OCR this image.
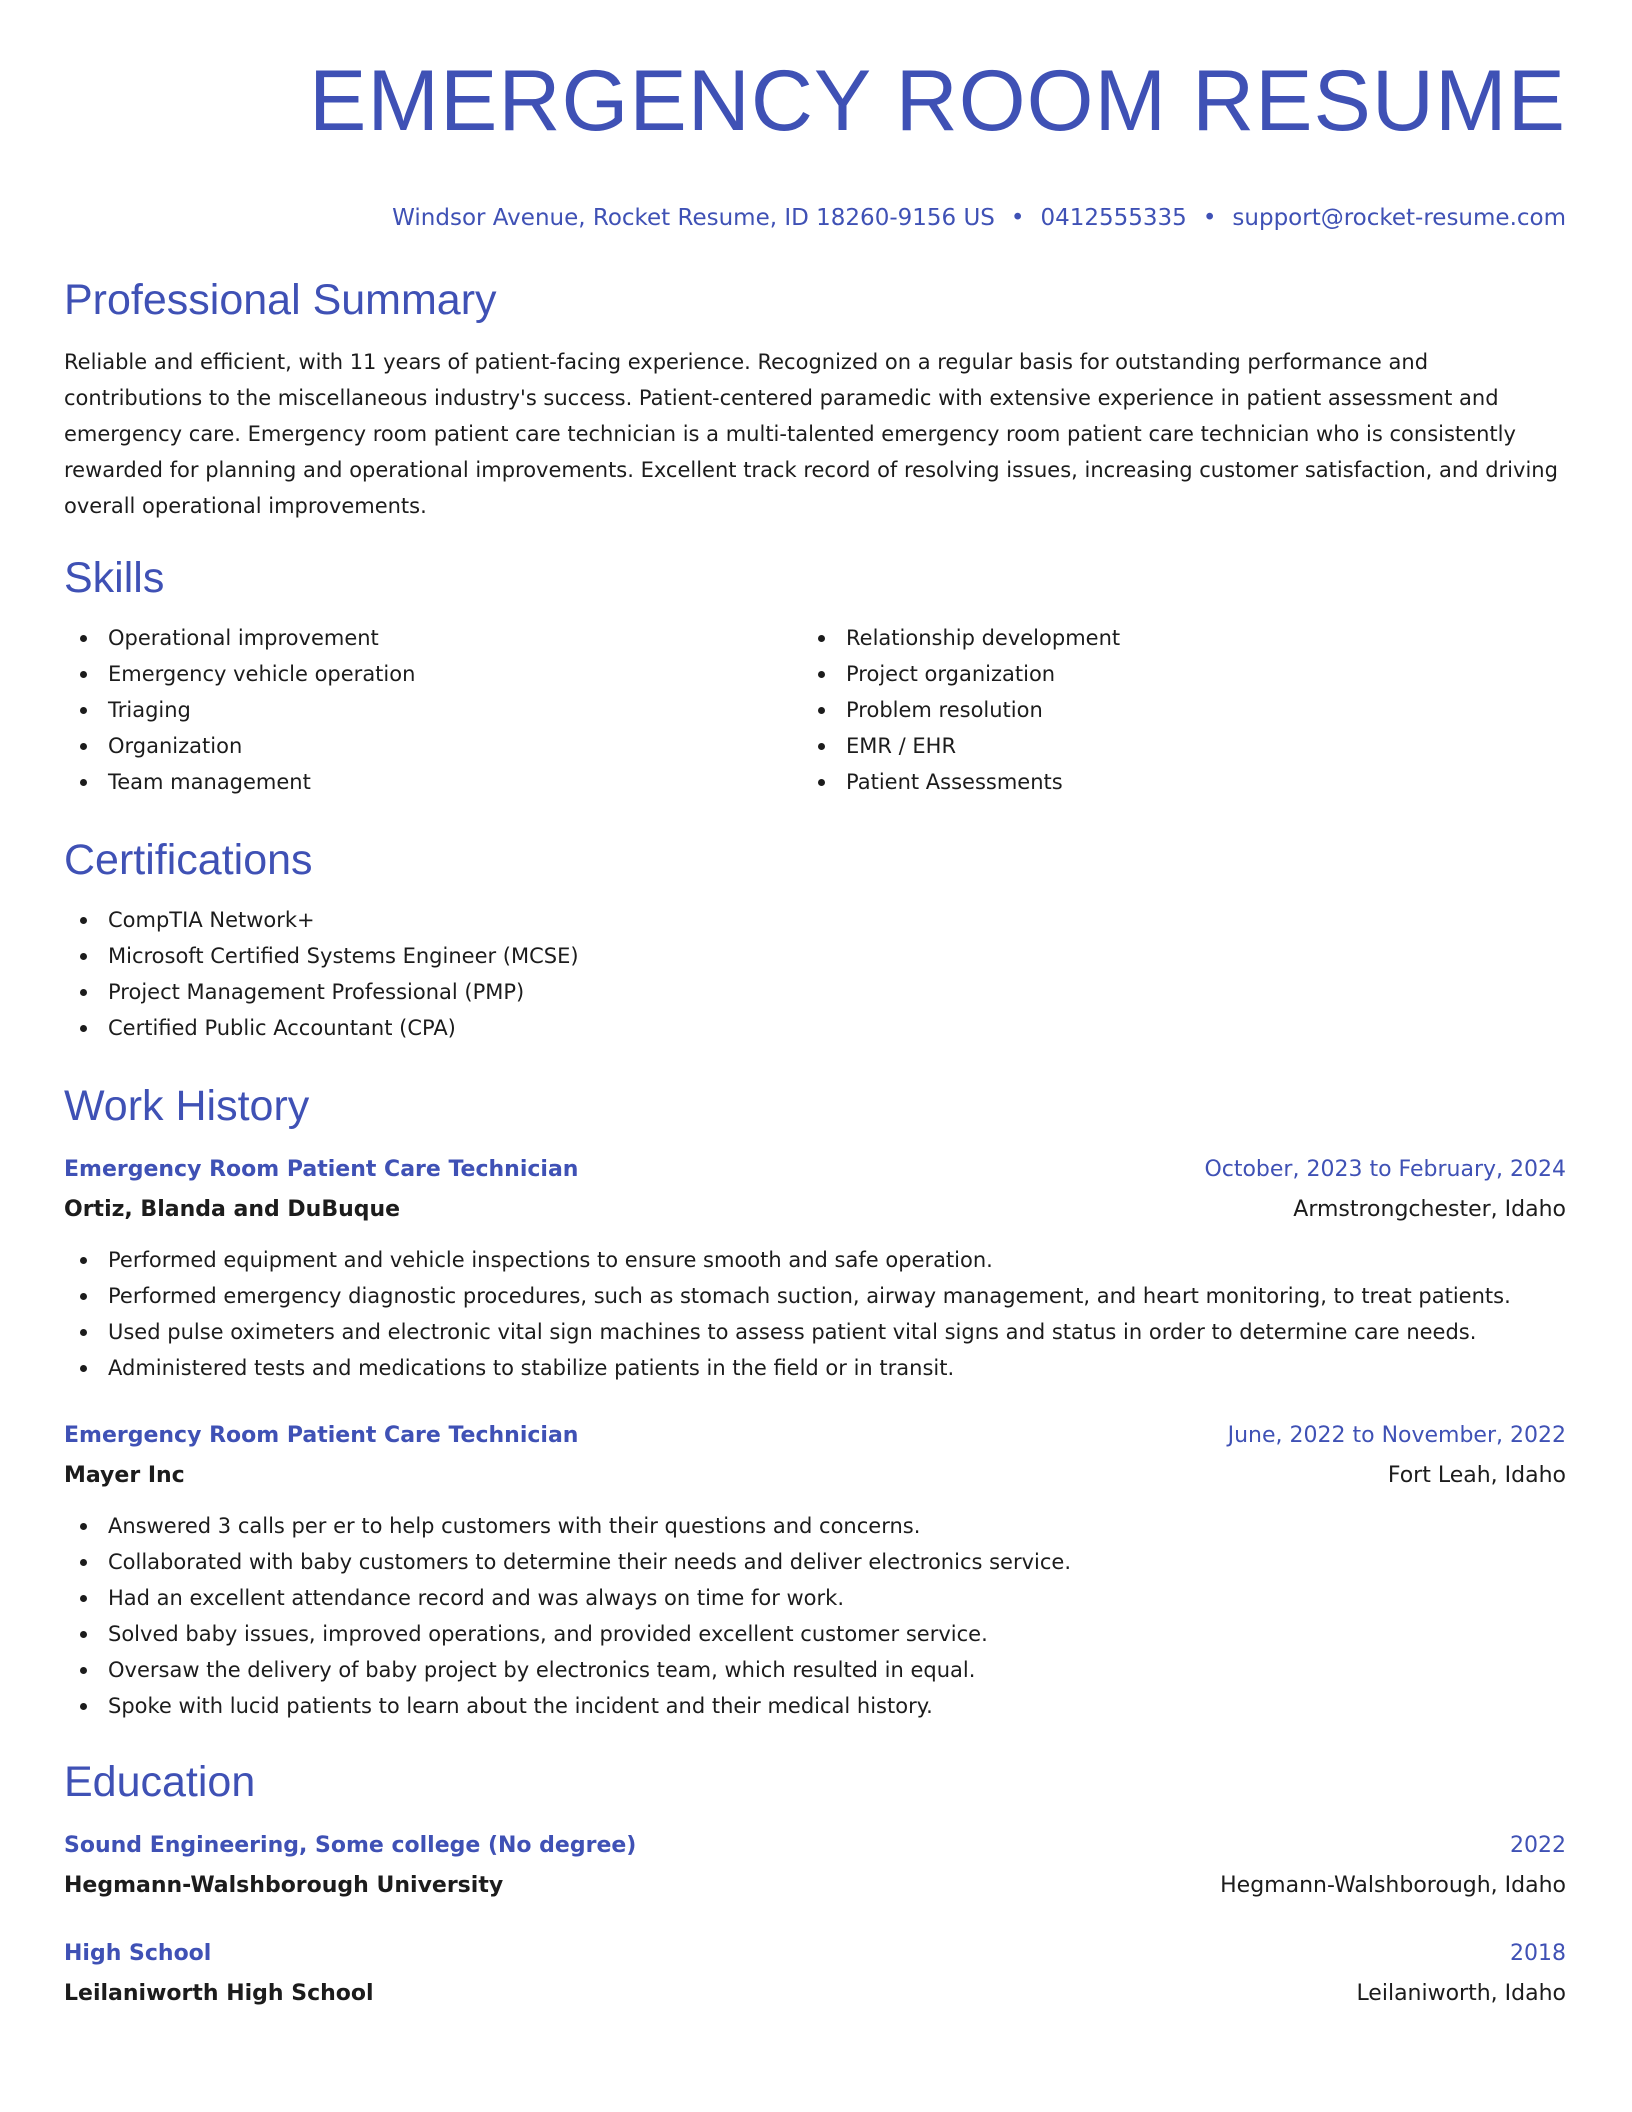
EMERGENCY ROOM RESUME
Windsor Avenue, Rocket Resume, ID 18260-9156 US • 0412555335 • support@rocket-resume.com
Professional Summary

Reliable and efficient, with 11 years of patient-facing experience. Recognized on a regular basis for outstanding performance and contributions to the miscellaneous industry's success. Patient-centered paramedic with extensive experience in patient assessment and emergency care. Emergency room patient care technician is a multi-talented emergency room patient care technician who is consistently rewarded for planning and operational improvements. Excellent track record of resolving issues, increasing customer satisfaction, and driving overall operational improvements.

Skills
Operational improvement
Emergency vehicle operation
Triaging
Organization
Team management
Relationship development
Project organization
Problem resolution
EMR / EHR
Patient Assessments
Certifications
CompTIA Network+
Microsoft Certified Systems Engineer (MCSE)
Project Management Professional (PMP)
Certified Public Accountant (CPA)
Work History
Emergency Room Patient Care Technician	October, 2023 to February, 2024
Ortiz, Blanda and DuBuque	Armstrongchester, Idaho
Performed equipment and vehicle inspections to ensure smooth and safe operation.
Performed emergency diagnostic procedures, such as stomach suction, airway management, and heart monitoring, to treat patients.
Used pulse oximeters and electronic vital sign machines to assess patient vital signs and status in order to determine care needs.
Administered tests and medications to stabilize patients in the field or in transit.
Emergency Room Patient Care Technician	June, 2022 to November, 2022
Mayer Inc	Fort Leah, Idaho
Answered 3 calls per er to help customers with their questions and concerns.
Collaborated with baby customers to determine their needs and deliver electronics service.
Had an excellent attendance record and was always on time for work.
Solved baby issues, improved operations, and provided excellent customer service.
Oversaw the delivery of baby project by electronics team, which resulted in equal.
Spoke with lucid patients to learn about the incident and their medical history.
Education
Sound Engineering, Some college (No degree)	2022
Hegmann-Walshborough University	Hegmann-Walshborough, Idaho
High School	2018
Leilaniworth High School	Leilaniworth, Idaho
